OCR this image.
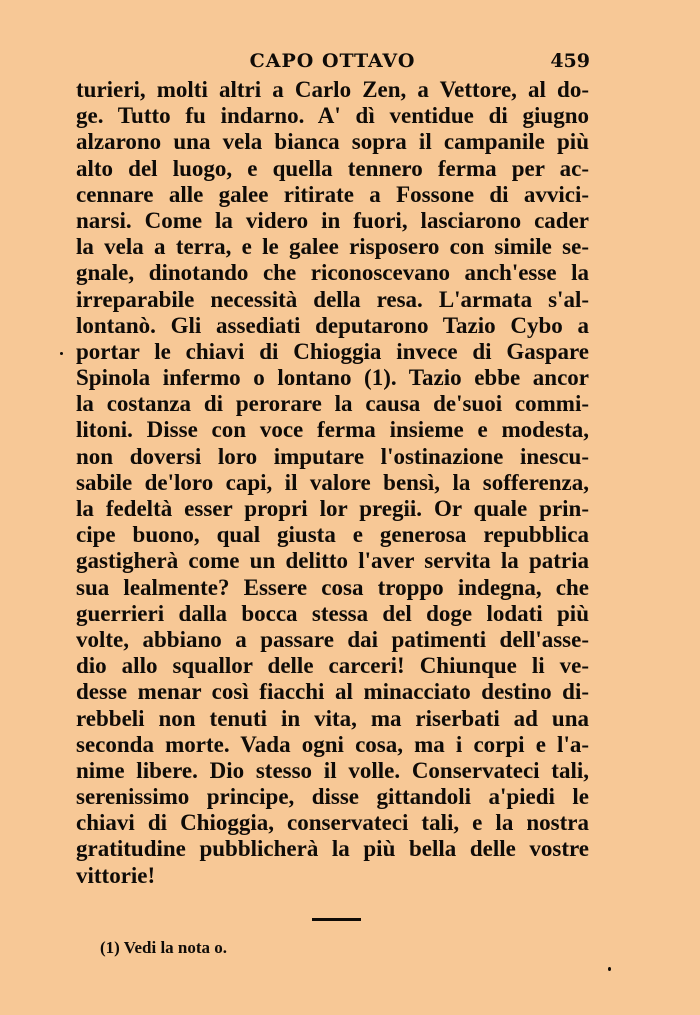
CAPO OTTAVO	459
turieri, molti altri a Carlo Zen, a Vettore, al do-
ge. Tutto fu indarno. A' dì ventidue di giugno
alzarono una vela bianca sopra il campanile più
alto del luogo, e quella tennero ferma per ac-
cennare alle galee ritirate a Fossone di avvici-
narsi. Come la videro in fuori, lasciarono cader
la vela a terra, e le galee risposero con simile se-
gnale, dinotando che riconoscevano anch'esse la
irreparabile necessità della resa. L'armata s'al-
lontanò. Gli assediati deputarono Tazio Cybo a
portar le chiavi di Chioggia invece di Gaspare
Spinola infermo o lontano (1). Tazio ebbe ancor
la costanza di perorare la causa de'suoi commi-
litoni. Disse con voce ferma insieme e modesta,
non doversi loro imputare l'ostinazione inescu-
sabile de'loro capi, il valore bensì, la sofferenza,
la fedeltà esser propri lor pregii. Or quale prin-
cipe buono, qual giusta e generosa repubblica
gastigherà come un delitto l'aver servita la patria
sua lealmente? Essere cosa troppo indegna, che
guerrieri dalla bocca stessa del doge lodati più
volte, abbiano a passare dai patimenti dell'asse-
dio allo squallor delle carceri! Chiunque li ve-
desse menar così fiacchi al minacciato destino di-
rebbeli non tenuti in vita, ma riserbati ad una
seconda morte. Vada ogni cosa, ma i corpi e l'a-
nime libere. Dio stesso il volle. Conservateci tali,
serenissimo principe, disse gittandoli a'piedi le
chiavi di Chioggia, conservateci tali, e la nostra
gratitudine pubblicherà la più bella delle vostre
vittorie!
(1) Vedi la nota o.
